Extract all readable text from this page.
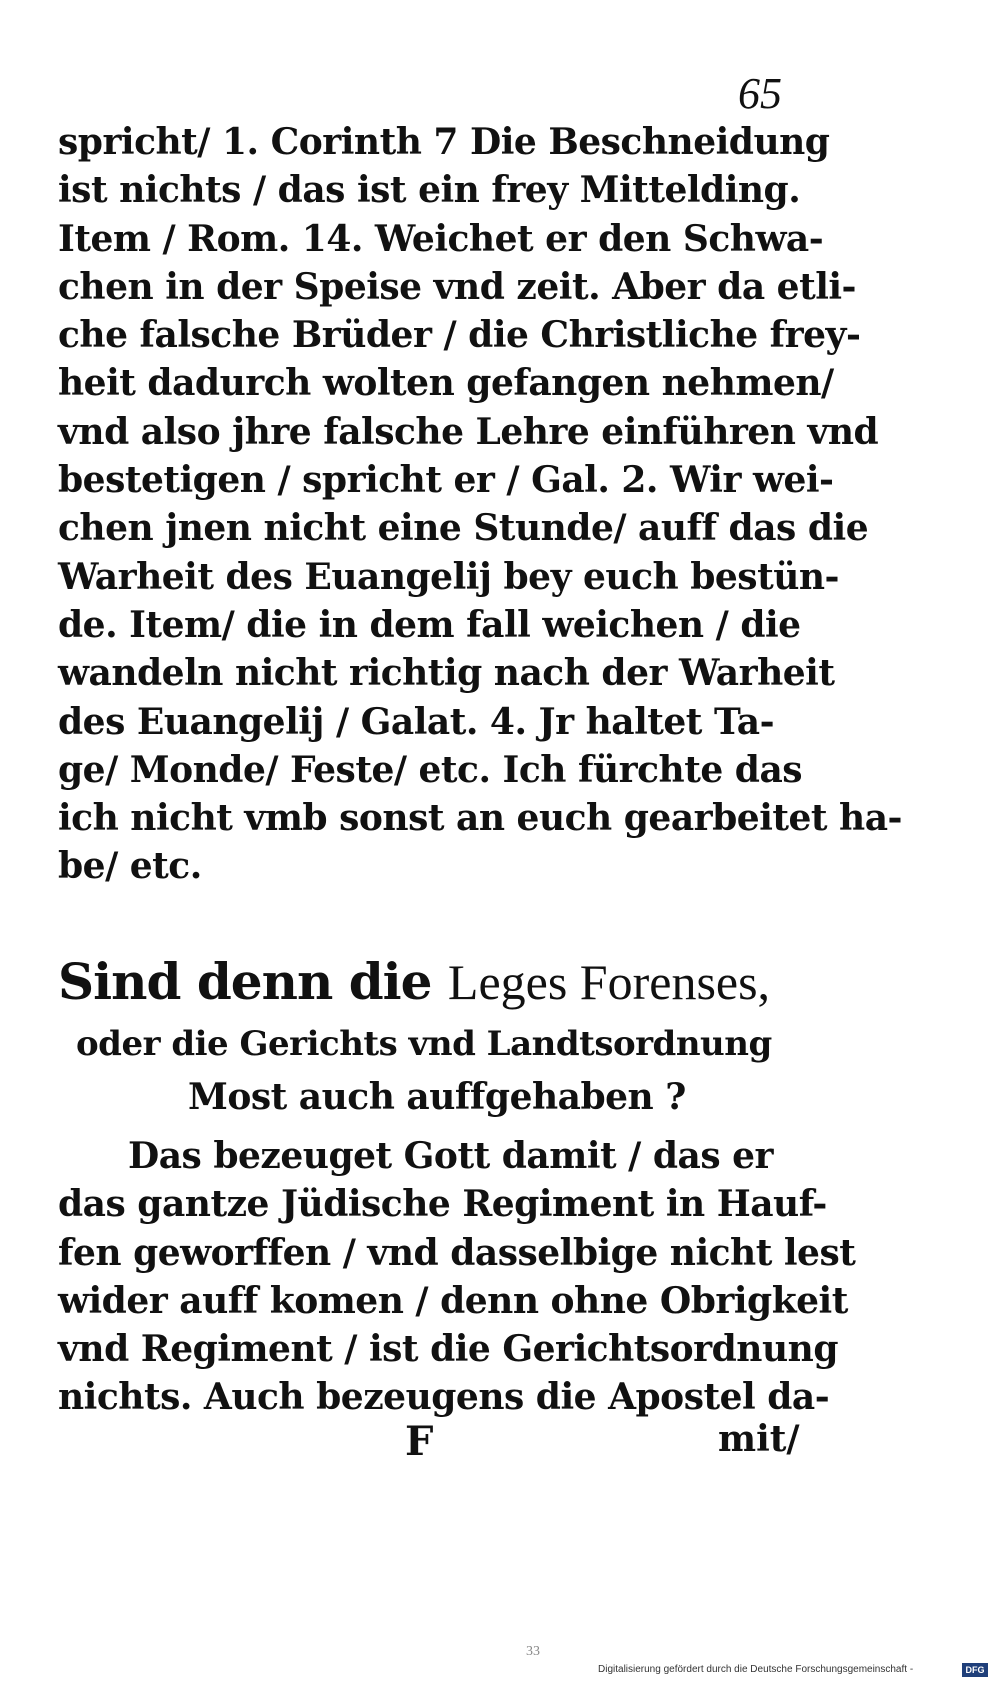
65
spricht/ 1. Corinth 7 Die Beschneidung
ist nichts / das ist ein frey Mittelding.
Item / Rom. 14. Weichet er den Schwa-
chen in der Speise vnd zeit. Aber da etli-
che falsche Brüder / die Christliche frey-
heit dadurch wolten gefangen nehmen/
vnd also jhre falsche Lehre einführen vnd
bestetigen / spricht er / Gal. 2. Wir wei-
chen jnen nicht eine Stunde/ auff das die
Warheit des Euangelij bey euch bestün-
de. Item/ die in dem fall weichen / die
wandeln nicht richtig nach der Warheit
des Euangelij / Galat. 4. Jr haltet Ta-
ge/ Monde/ Feste/ etc. Ich fürchte das
ich nicht vmb sonst an euch gearbeitet ha-
be/ etc.
Sind denn die Leges Forenses,
oder die Gerichts vnd Landtsordnung
Most auch auffgehaben ?
Das bezeuget Gott damit / das er
das gantze Jüdische Regiment in Hauf-
fen geworffen / vnd dasselbige nicht lest
wider auff komen / denn ohne Obrigkeit
vnd Regiment / ist die Gerichtsordnung
nichts. Auch bezeugens die Apostel da-
F	mit/
33
Digitalisierung gefördert durch die Deutsche Forschungsgemeinschaft -	DFG
